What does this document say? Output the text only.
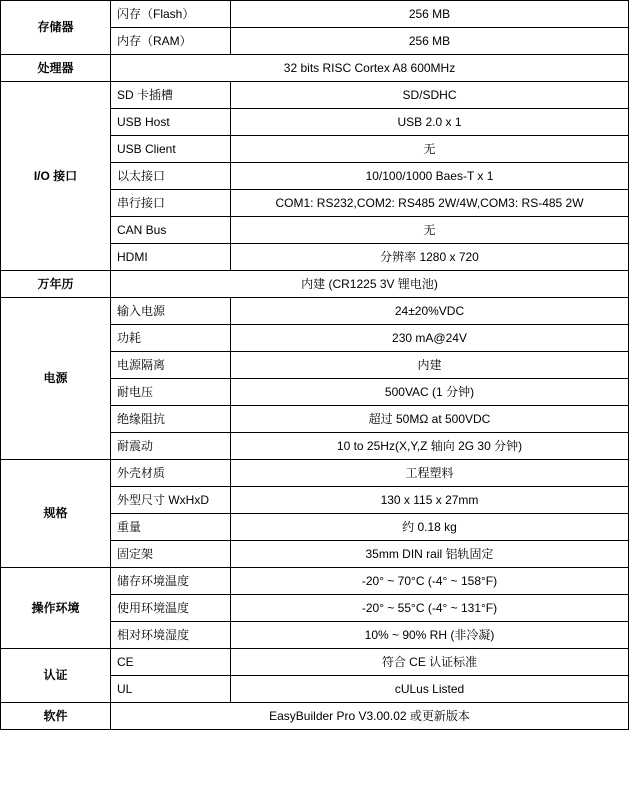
存储器	闪存（Flash）	256 MB
	内存（RAM）	256 MB
处理器	32 bits RISC Cortex A8 600MHz	
I/O 接口	SD 卡插槽	SD/SDHC
	USB Host	USB 2.0 x 1
	USB Client	无
	以太接口	10/100/1000 Baes-T x 1
	串行接口	COM1: RS232,COM2: RS485 2W/4W,COM3: RS-485 2W
	CAN Bus	无
	HDMI	分辨率 1280 x 720
万年历	内建 (CR1225 3V 锂电池)	
电源	输入电源	24±20%VDC
	功耗	230 mA@24V
	电源隔离	内建
	耐电压	500VAC (1 分钟)
	绝缘阻抗	超过 50MΩ at 500VDC
	耐震动	10 to 25Hz(X,Y,Z 轴向 2G 30 分钟)
规格	外壳材质	工程塑料
	外型尺寸 WxHxD	130 x 115 x 27mm
	重量	约 0.18 kg
	固定架	35mm DIN rail 铝轨固定
操作环境	储存环境温度	-20° ~ 70°C (-4° ~ 158°F)
	使用环境温度	-20° ~ 55°C (-4° ~ 131°F)
	相对环境湿度	10% ~ 90% RH (非冷凝)
认证	CE	符合 CE 认证标准
	UL	cULus Listed
软件	EasyBuilder Pro V3.00.02 或更新版本	
